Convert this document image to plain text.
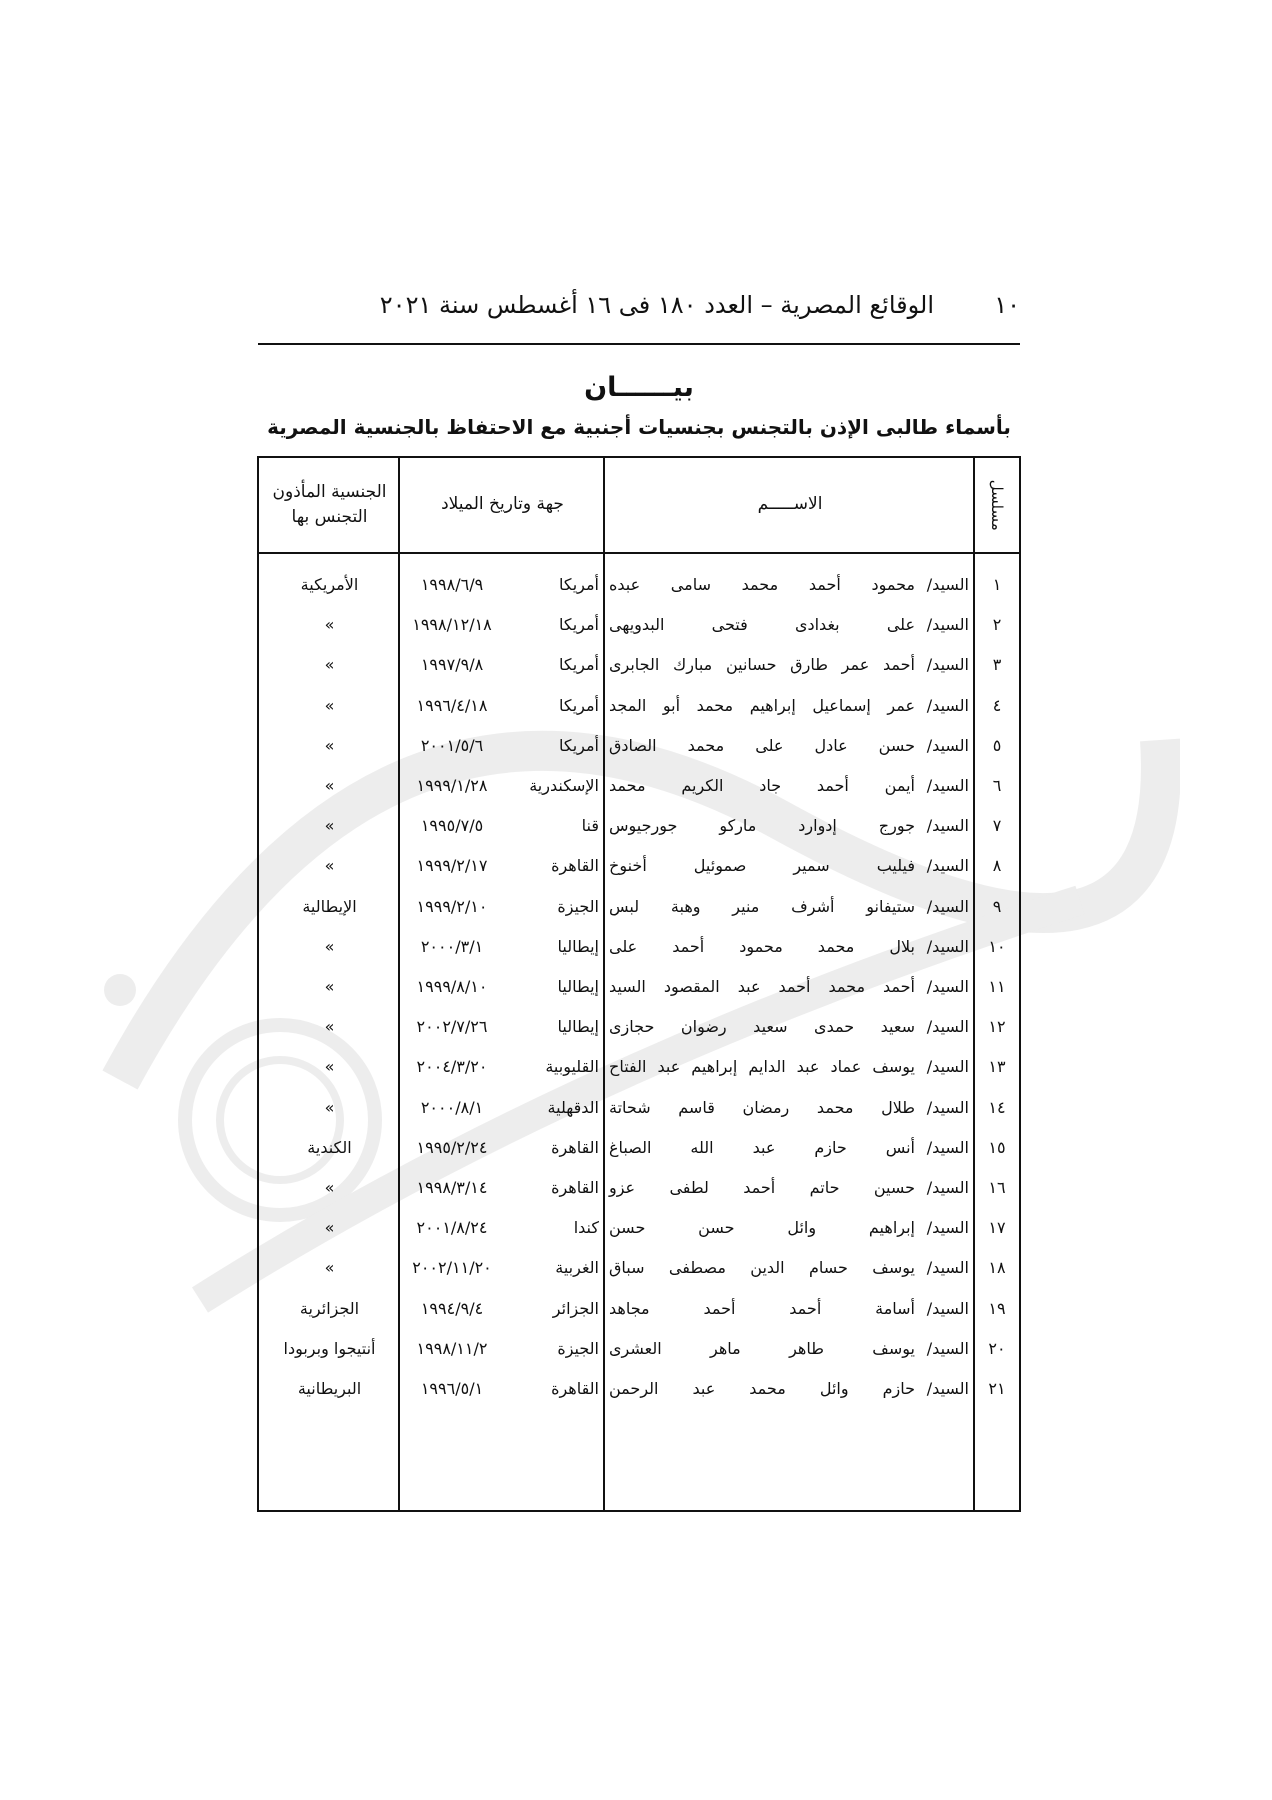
١٠
الوقائع المصرية – العدد ١٨٠ فى ١٦ أغسطس سنة ٢٠٢١
بيــــــان
بأسماء طالبى الإذن بالتجنس بجنسيات أجنبية مع الاحتفاظ بالجنسية المصرية
مسلسل
الاســـــم
جهة وتاريخ الميلاد
الجنسية المأذون التجنس بها
١
السيد/
محمود أحمد محمد سامى عبده
أمريكا
١٩٩٨/٦/٩
الأمريكية
٢
السيد/
على بغدادى فتحى البدويهى
أمريكا
١٩٩٨/١٢/١٨
»
٣
السيد/
أحمد عمر طارق حسانين مبارك الجابرى
أمريكا
١٩٩٧/٩/٨
»
٤
السيد/
عمر إسماعيل إبراهيم محمد أبو المجد
أمريكا
١٩٩٦/٤/١٨
»
٥
السيد/
حسن عادل على محمد الصادق
أمريكا
٢٠٠١/٥/٦
»
٦
السيد/
أيمن أحمد جاد الكريم محمد
الإسكندرية
١٩٩٩/١/٢٨
»
٧
السيد/
جورج إدوارد ماركو جورجيوس
قنا
١٩٩٥/٧/٥
»
٨
السيد/
فيليب سمير صموئيل أخنوخ
القاهرة
١٩٩٩/٢/١٧
»
٩
السيد/
ستيفانو أشرف منير وهبة لبس
الجيزة
١٩٩٩/٢/١٠
الإيطالية
١٠
السيد/
بلال محمد محمود أحمد على
إيطاليا
٢٠٠٠/٣/١
»
١١
السيد/
أحمد محمد أحمد عبد المقصود السيد
إيطاليا
١٩٩٩/٨/١٠
»
١٢
السيد/
سعيد حمدى سعيد رضوان حجازى
إيطاليا
٢٠٠٢/٧/٢٦
»
١٣
السيد/
يوسف عماد عبد الدايم إبراهيم عبد الفتاح
القليوبية
٢٠٠٤/٣/٢٠
»
١٤
السيد/
طلال محمد رمضان قاسم شحاتة
الدقهلية
٢٠٠٠/٨/١
»
١٥
السيد/
أنس حازم عبد الله الصباغ
القاهرة
١٩٩٥/٢/٢٤
الكندية
١٦
السيد/
حسين حاتم أحمد لطفى عزو
القاهرة
١٩٩٨/٣/١٤
»
١٧
السيد/
إبراهيم وائل حسن حسن
كندا
٢٠٠١/٨/٢٤
»
١٨
السيد/
يوسف حسام الدين مصطفى سباق
الغربية
٢٠٠٢/١١/٢٠
»
١٩
السيد/
أسامة أحمد أحمد مجاهد
الجزائر
١٩٩٤/٩/٤
الجزائرية
٢٠
السيد/
يوسف طاهر ماهر العشرى
الجيزة
١٩٩٨/١١/٢
أنتيجوا وبربودا
٢١
السيد/
حازم وائل محمد عبد الرحمن
القاهرة
١٩٩٦/٥/١
البريطانية
